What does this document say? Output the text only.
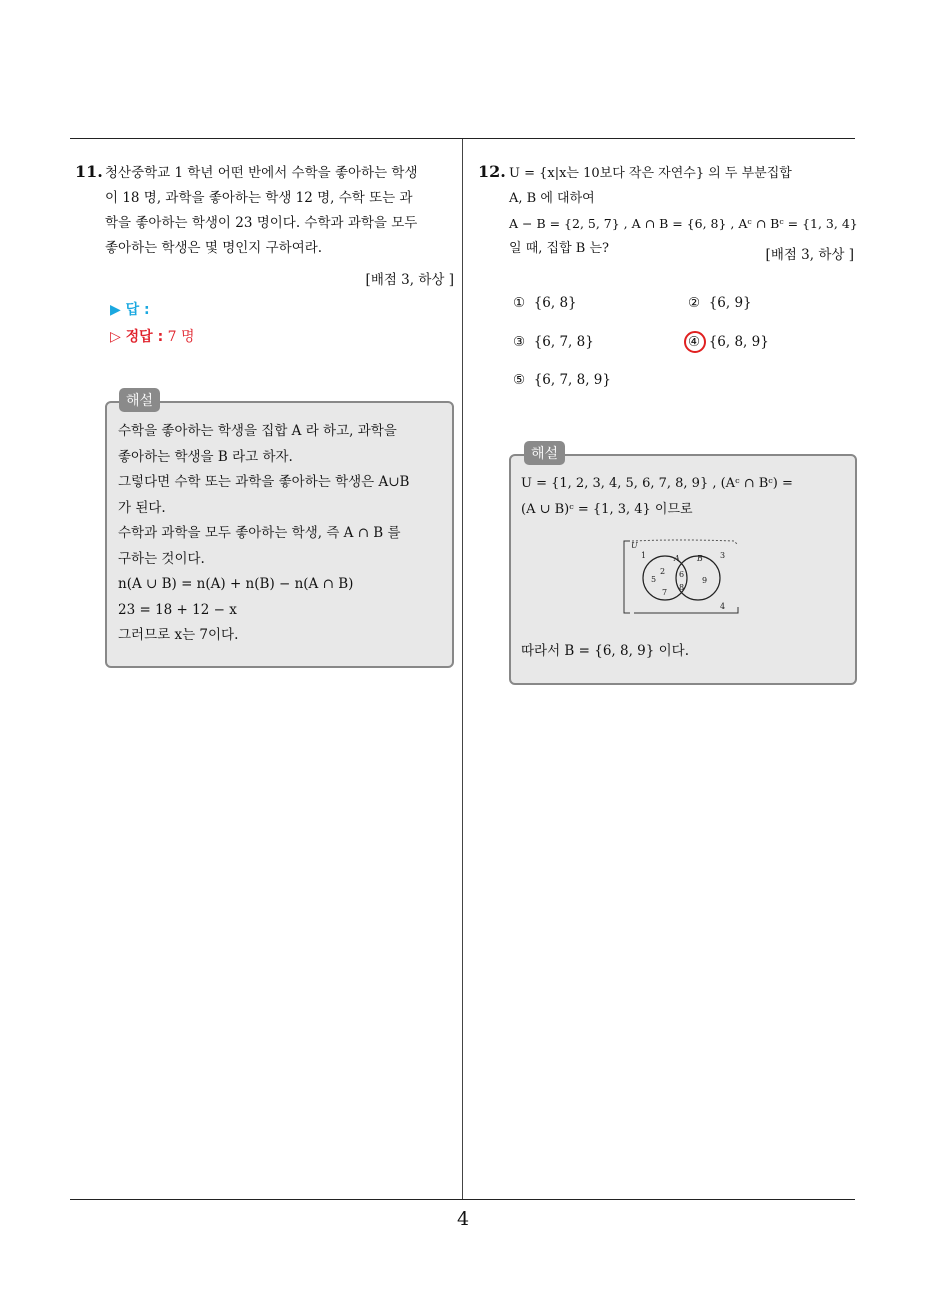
4
11. 청산중학교 1 학년 어떤 반에서 수학을 좋아하는 학생
이 18 명, 과학을 좋아하는 학생 12 명, 수학 또는 과
학을 좋아하는 학생이 23 명이다. 수학과 과학을 모두
좋아하는 학생은 몇 명인지 구하여라.
[배점 3, 하상 ]
▶ 답 :
▷ 정답 : 7 명
해설
수학을 좋아하는 학생을 집합 A 라 하고, 과학을
좋아하는 학생을 B 라고 하자.
그렇다면 수학 또는 과학을 좋아하는 학생은 A∪B
가 된다.
수학과 과학을 모두 좋아하는 학생, 즉 A ∩ B 를
구하는 것이다.
n(A ∪ B) = n(A) + n(B) − n(A ∩ B)
23 = 18 + 12 − x
그러므로 x는 7이다.
12. U = {x|x는 10보다 작은 자연수} 의 두 부분집합
A, B 에 대하여
A − B = {2, 5, 7} , A ∩ B = {6, 8} , Aᶜ ∩ Bᶜ = {1, 3, 4}
일 때, 집합 B 는?	[배점 3, 하상 ]
① {6, 8}	② {6, 9}
③ {6, 7, 8}	④ {6, 8, 9}
⑤ {6, 7, 8, 9}
해설
U = {1, 2, 3, 4, 5, 6, 7, 8, 9} , (Aᶜ ∩ Bᶜ) =
(A ∪ B)ᶜ = {1, 3, 4} 이므로
U
A B
1	3
4
2
5
7
6
8
9
따라서 B = {6, 8, 9} 이다.
